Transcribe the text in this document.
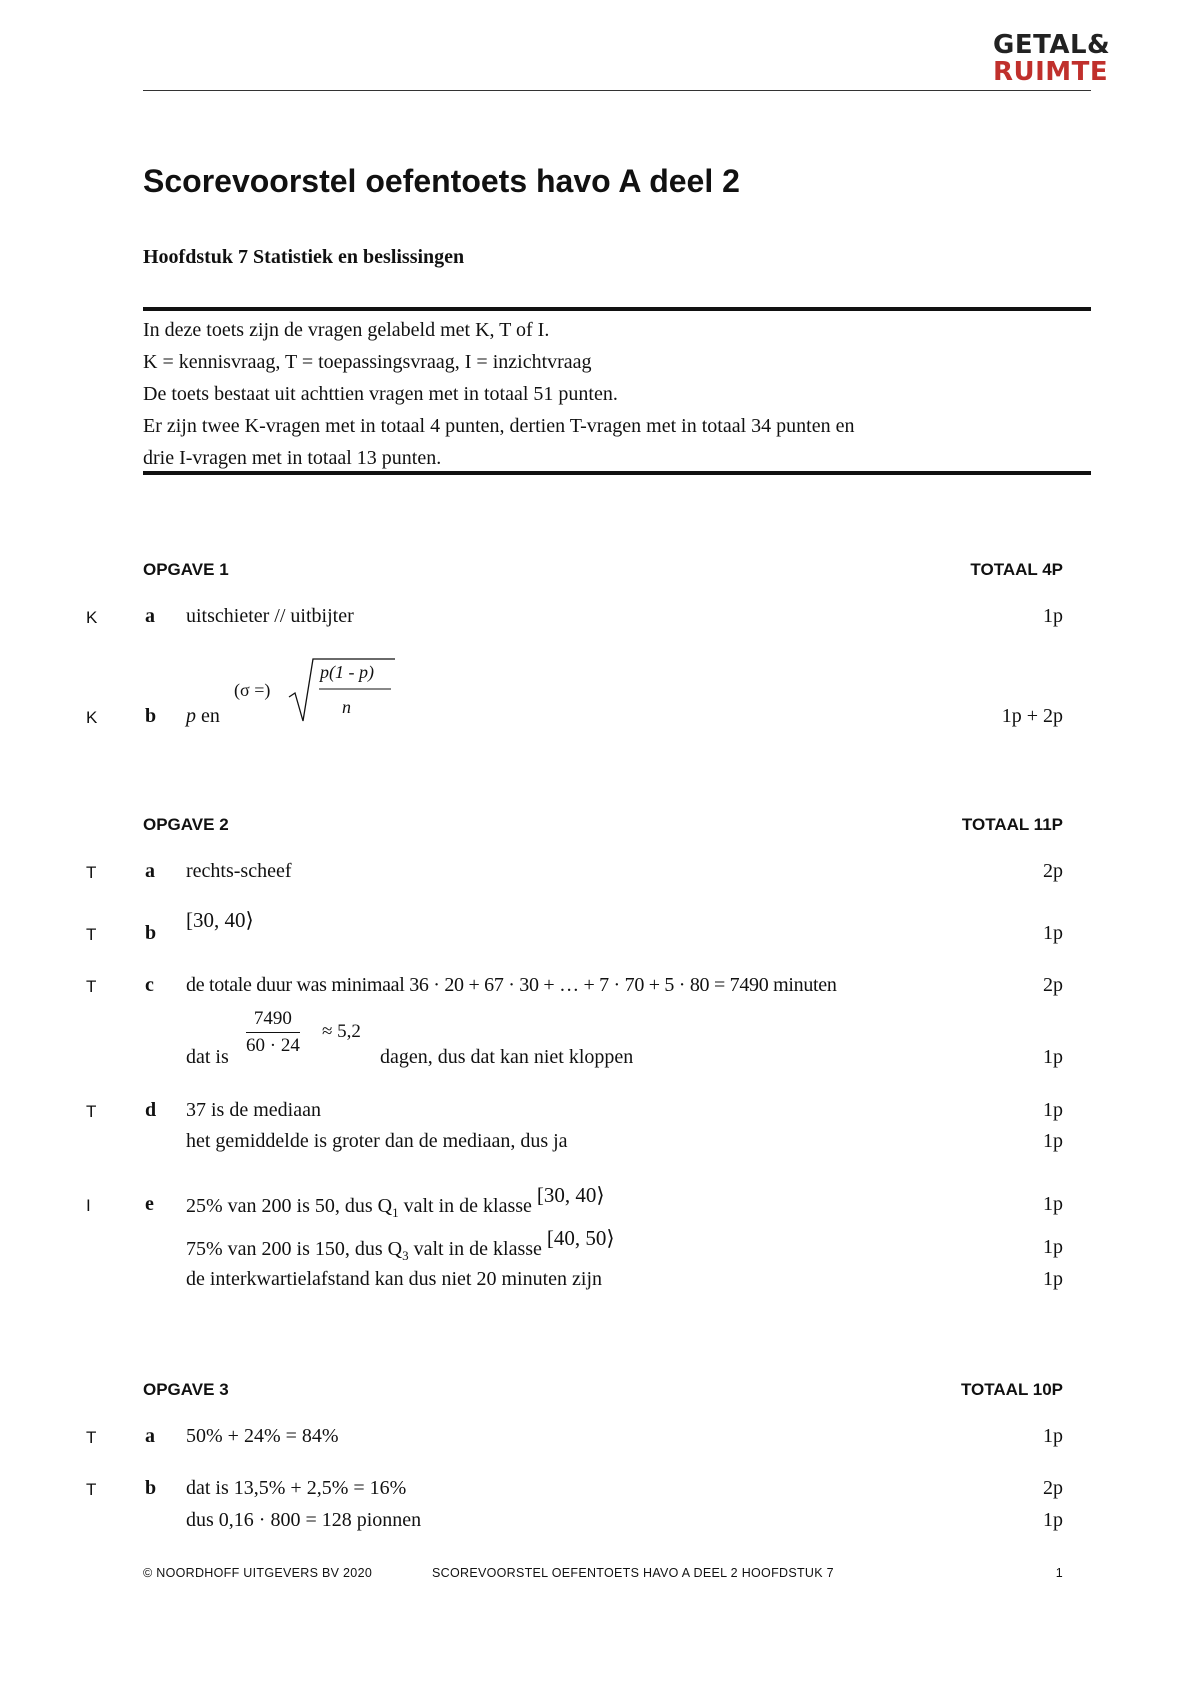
GETAL&
RUIMTE
Scorevoorstel oefentoets havo A deel 2
Hoofdstuk 7 Statistiek en beslissingen
In deze toets zijn de vragen gelabeld met K, T of I.
K = kennisvraag, T = toepassingsvraag, I = inzichtvraag
De toets bestaat uit achttien vragen met in totaal 51 punten.
Er zijn twee K-vragen met in totaal 4 punten, dertien T-vragen met in totaal 34 punten en
drie I-vragen met in totaal 13 punten.
OPGAVE 1	TOTAAL 4P
K a uitschieter // uitbijter	1p
K b p en
(σ =)
p(1 - p)
n	1p + 2p
OPGAVE 2	TOTAAL 11P
T a rechts-scheef	2p
T b
[30, 40⟩
1p
T c de totale duur was minimaal 36 · 20 + 67 · 30 + … + 7 · 70 + 5 · 80 = 7490 minuten	2p
dat is $\frac{7490}{60 \cdot 24} \approx 5,2$
dagen, dus dat kan niet kloppen	1p
T d 37 is de mediaan	1p
het gemiddelde is groter dan de mediaan, dus ja	1p
I	e 25% van 200 is 50, dus $Q_1$ valt in de klasse [30, 40⟩	1p
75% van 200 is 150, dus $Q_3$ valt in de klasse [40, 50⟩	1p
de interkwartielafstand kan dus niet 20 minuten zijn	1p
OPGAVE 3	TOTAAL 10P
T a 50% + 24% = 84%	1p
T b dat is 13,5% + 2,5% = 16%	2p
dus 0,16 · 800 = 128 pionnen	1p
© NOORDHOFF UITGEVERS BV 2020	SCOREVOORSTEL OEFENTOETS HAVO A DEEL 2 HOOFDSTUK 7	1
